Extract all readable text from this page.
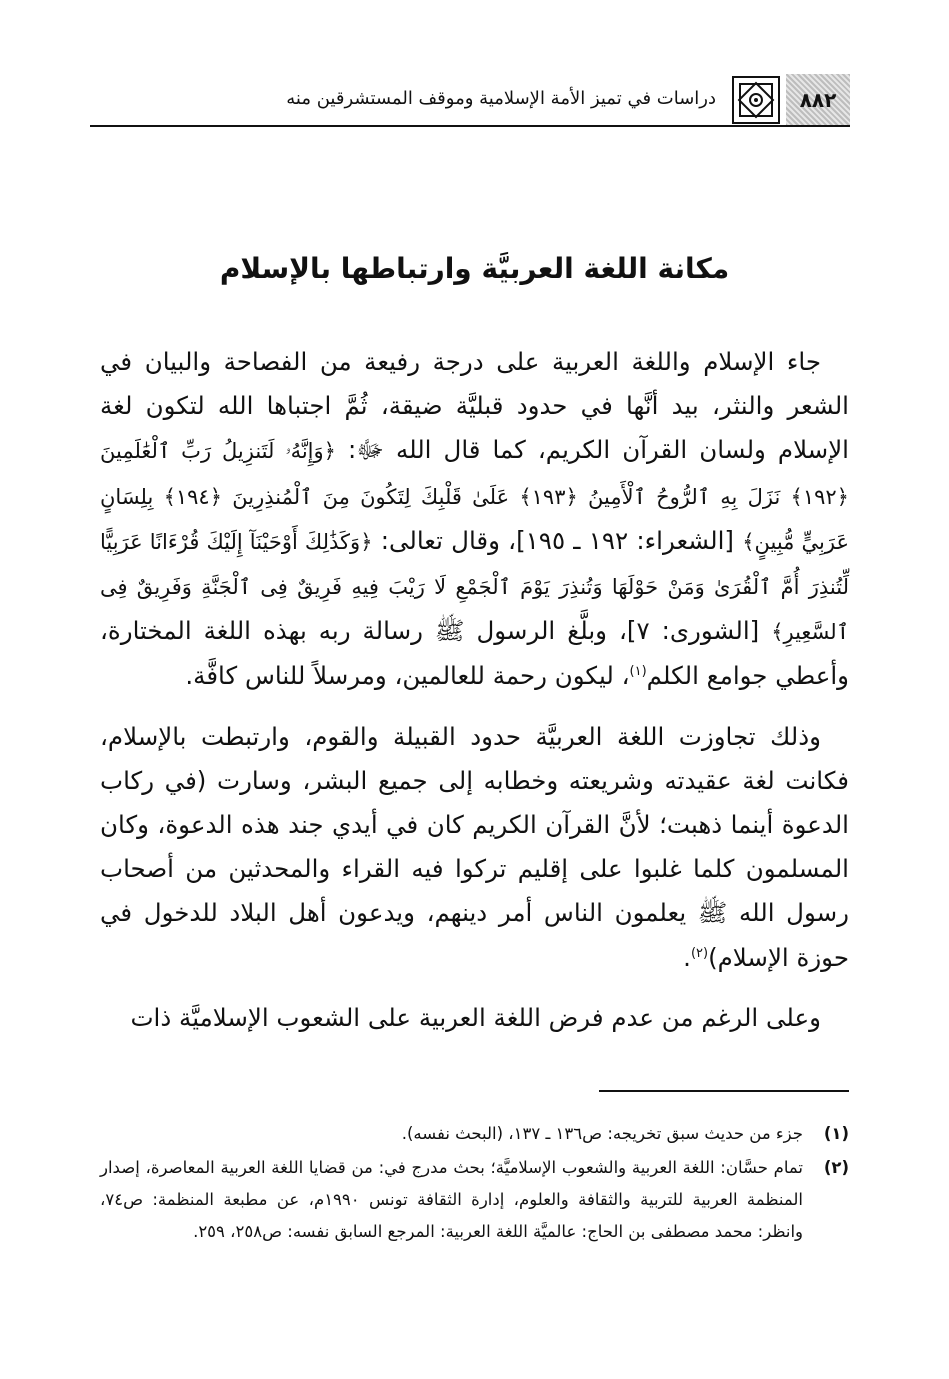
٨٨٢
دراسات في تميز الأمة الإسلامية وموقف المستشرقين منه
مكانة اللغة العربيَّة وارتباطها بالإسلام

جاء الإسلام واللغة العربية على درجة رفيعة من الفصاحة والبيان في الشعر والنثر، بيد أنَّها في حدود قبليَّة ضيقة، ثُمَّ اجتباها الله لتكون لغة الإسلام ولسان القرآن الكريم، كما قال الله ﷻ: ﴿وَإِنَّهُۥ لَتَنزِيلُ رَبِّ ٱلْعَٰلَمِينَ ﴿١٩٢﴾ نَزَلَ بِهِ ٱلرُّوحُ ٱلْأَمِينُ ﴿١٩٣﴾ عَلَىٰ قَلْبِكَ لِتَكُونَ مِنَ ٱلْمُنذِرِينَ ﴿١٩٤﴾ بِلِسَانٍ عَرَبِيٍّ مُّبِينٍ﴾ [الشعراء: ١٩٢ ـ ١٩٥]، وقال تعالى: ﴿وَكَذَٰلِكَ أَوْحَيْنَآ إِلَيْكَ قُرْءَانًا عَرَبِيًّا لِّتُنذِرَ أُمَّ ٱلْقُرَىٰ وَمَنْ حَوْلَهَا وَتُنذِرَ يَوْمَ ٱلْجَمْعِ لَا رَيْبَ فِيهِ فَرِيقٌ فِى ٱلْجَنَّةِ وَفَرِيقٌ فِى ٱلسَّعِيرِ﴾ [الشورى: ٧]، وبلَّغ الرسول ﷺ رسالة ربه بهذه اللغة المختارة، وأعطي جوامع الكلم$^{(١)}$، ليكون رحمة للعالمين، ومرسلاً للناس كافَّة.

وذلك تجاوزت اللغة العربيَّة حدود القبيلة والقوم، وارتبطت بالإسلام، فكانت لغة عقيدته وشريعته وخطابه إلى جميع البشر، وسارت (في ركاب الدعوة أينما ذهبت؛ لأنَّ القرآن الكريم كان في أيدي جند هذه الدعوة، وكان المسلمون كلما غلبوا على إقليم تركوا فيه القراء والمحدثين من أصحاب رسول الله ﷺ يعلمون الناس أمر دينهم، ويدعون أهل البلاد للدخول في حوزة الإسلام)$^{(٢)}$.

وعلى الرغم من عدم فرض اللغة العربية على الشعوب الإسلاميَّة ذات

(١)
جزء من حديث سبق تخريجه: ص١٣٦ ـ ١٣٧، (البحث نفسه).
(٢)
تمام حسَّان: اللغة العربية والشعوب الإسلاميَّة؛ بحث مدرج في: من قضايا اللغة العربية المعاصرة، إصدار المنظمة العربية للتربية والثقافة والعلوم، إدارة الثقافة تونس ١٩٩٠م، عن مطبعة المنظمة: ص٧٤، وانظر: محمد مصطفى بن الحاج: عالميَّة اللغة العربية: المرجع السابق نفسه: ص٢٥٨، ٢٥٩.
